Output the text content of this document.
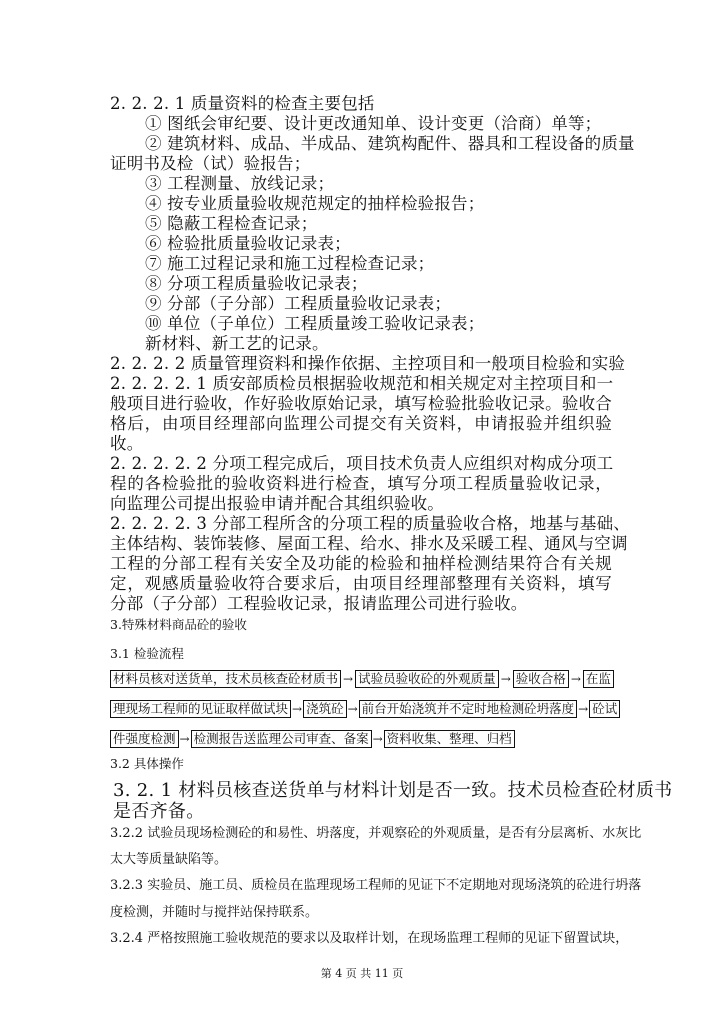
2. 2. 2. 1 质量资料的检查主要包括
① 图纸会审纪要、设计更改通知单、设计变更（洽商）单等；
② 建筑材料、成品、半成品、建筑构配件、器具和工程设备的质量
证明书及检（试）验报告；
③ 工程测量、放线记录；
④ 按专业质量验收规范规定的抽样检验报告；
⑤ 隐蔽工程检查记录；
⑥ 检验批质量验收记录表；
⑦ 施工过程记录和施工过程检查记录；
⑧ 分项工程质量验收记录表；
⑨ 分部（子分部）工程质量验收记录表；
⑩ 单位（子单位）工程质量竣工验收记录表；
新材料、新工艺的记录。
2. 2. 2. 2 质量管理资料和操作依据、主控项目和一般项目检验和实验
2. 2. 2. 2. 1 质安部质检员根据验收规范和相关规定对主控项目和一
般项目进行验收，作好验收原始记录，填写检验批验收记录。验收合
格后，由项目经理部向监理公司提交有关资料，申请报验并组织验
收。
2. 2. 2. 2. 2 分项工程完成后，项目技术负责人应组织对构成分项工
程的各检验批的验收资料进行检查，填写分项工程质量验收记录，
向监理公司提出报验申请并配合其组织验收。
2. 2. 2. 2. 3 分部工程所含的分项工程的质量验收合格，地基与基础、
主体结构、装饰装修、屋面工程、给水、排水及采暖工程、通风与空调
工程的分部工程有关安全及功能的检验和抽样检测结果符合有关规
定，观感质量验收符合要求后，由项目经理部整理有关资料，填写
分部（子分部）工程验收记录，报请监理公司进行验收。
3.特殊材料商品砼的验收
3.1 检验流程
材料员核对送货单，技术员核查砼材质书 → 试验员验收砼的外观质量 → 验收合格 → 在监
理现场工程师的见证取样做试块 → 浇筑砼 → 前台开始浇筑并不定时地检测砼坍落度 → 砼试
件强度检测 → 检测报告送监理公司审查、备案 → 资料收集、整理、归档
3.2 具体操作
3. 2. 1 材料员核查送货单与材料计划是否一致。技术员检查砼材质书
是否齐备。
3.2.2 试验员现场检测砼的和易性、坍落度，并观察砼的外观质量，是否有分层离析、水灰比
太大等质量缺陷等。
3.2.3 实验员、施工员、质检员在监理现场工程师的见证下不定期地对现场浇筑的砼进行坍落
度检测，并随时与搅拌站保持联系。
3.2.4 严格按照施工验收规范的要求以及取样计划，在现场监理工程师的见证下留置试块，
第 4 页 共 11 页
